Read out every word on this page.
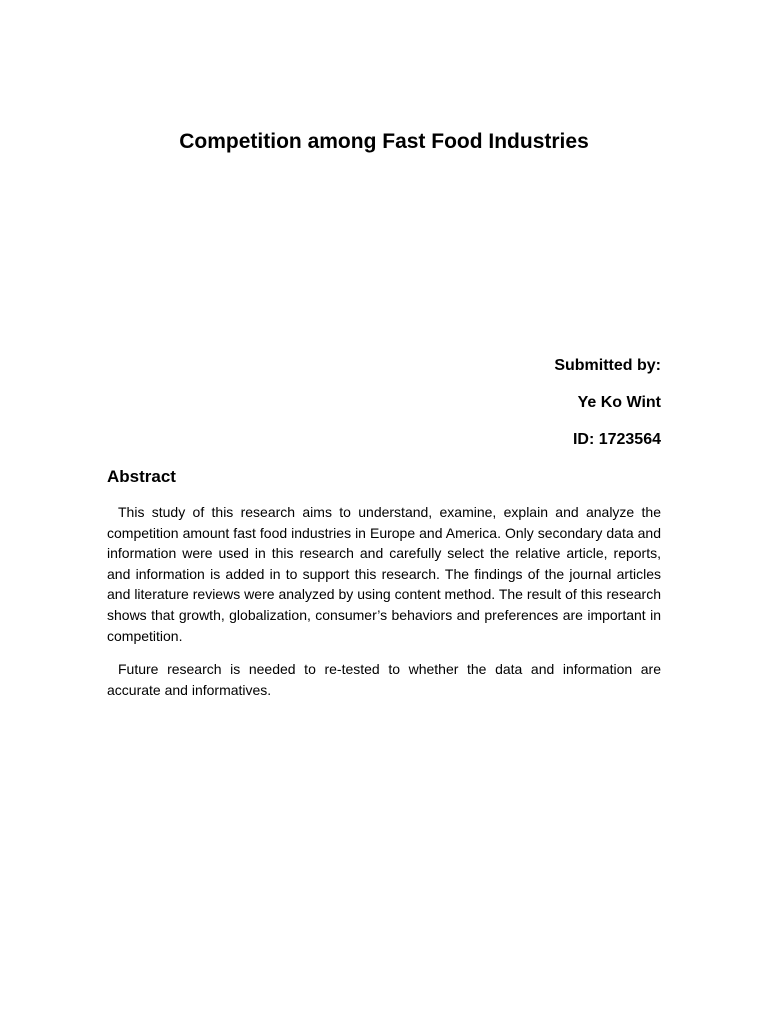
Competition among Fast Food Industries
Submitted by:
Ye Ko Wint
ID: 1723564
Abstract

This study of this research aims to understand, examine, explain and analyze the competition amount fast food industries in Europe and America. Only secondary data and information were used in this research and carefully select the relative article, reports, and information is added in to support this research. The findings of the journal articles and literature reviews were analyzed by using content method. The result of this research shows that growth, globalization, consumer’s behaviors and preferences are important in competition.

Future research is needed to re-tested to whether the data and information are accurate and informatives.
